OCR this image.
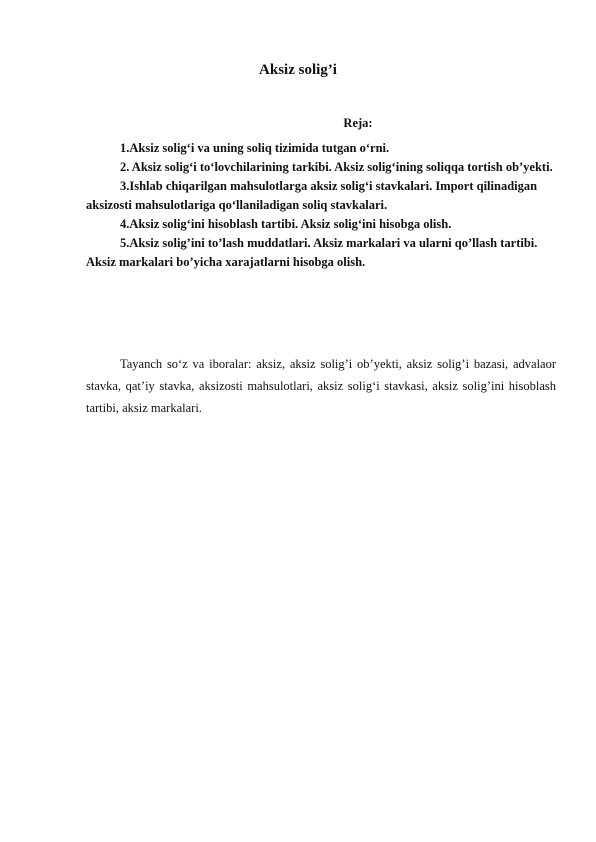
Aksiz solig’i
Reja:

1.Aksiz solig‘i va uning soliq tizimida tutgan o‘rni.

2. Aksiz solig‘i to‘lovchilarining tarkibi. Aksiz solig‘ining soliqqa tortish ob’yekti.

3.Ishlab chiqarilgan mahsulotlarga aksiz solig‘i stavkalari. Import qilinadigan aksizosti mahsulotlariga qo‘llaniladigan soliq stavkalari.

4.Aksiz solig‘ini hisoblash tartibi. Aksiz solig‘ini hisobga olish.

5.Aksiz solig’ini to’lash muddatlari. Aksiz markalari va ularni qo’llash tartibi. Aksiz markalari bo’yicha xarajatlarni hisobga olish.

Tayanch so‘z va iboralar: aksiz, aksiz solig’i ob’yekti, aksiz solig’i bazasi, advalaor stavka, qat’iy stavka, aksizosti mahsulotlari, aksiz solig‘i stavkasi, aksiz solig’ini hisoblash tartibi, aksiz markalari.
